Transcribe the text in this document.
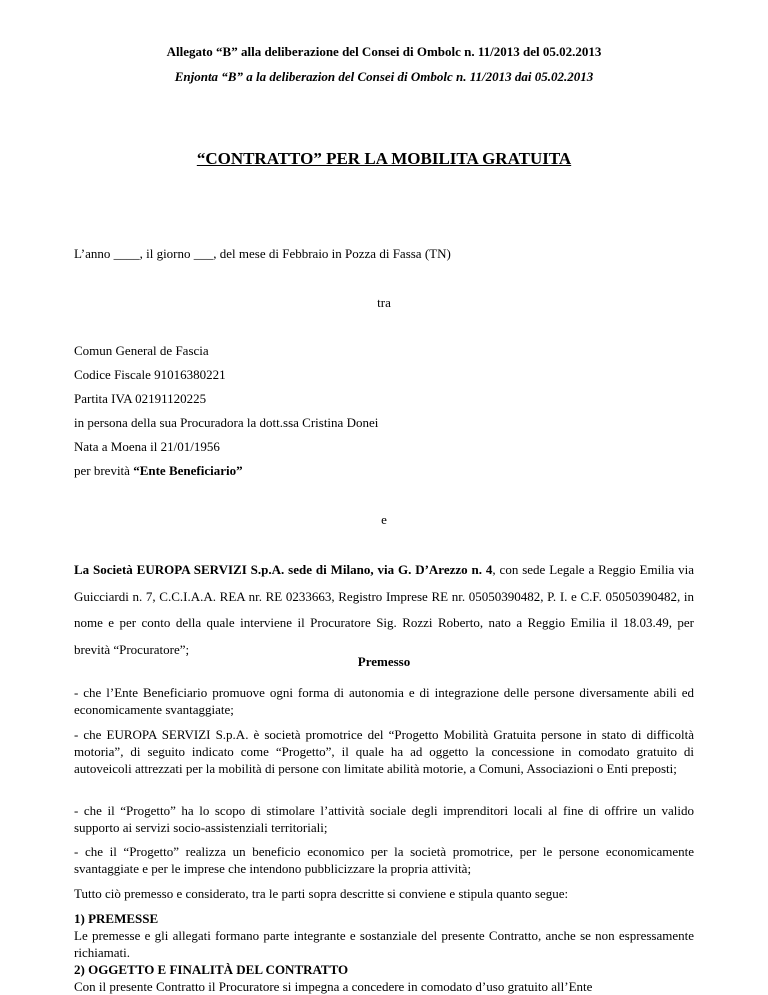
Allegato “B” alla deliberazione del Consei di Ombolc n. 11/2013 del 05.02.2013
Enjonta “B” a la deliberazion del Consei di Ombolc n. 11/2013 dai 05.02.2013
“CONTRATTO” PER LA MOBILITA GRATUITA
L’anno ____, il giorno ___, del mese di Febbraio in Pozza di Fassa (TN)
tra
Comun General de Fascia
Codice Fiscale 91016380221
Partita IVA 02191120225
in persona della sua Procuradora la dott.ssa Cristina Donei
Nata a Moena il 21/01/1956
per brevità “Ente Beneficiario”
e
La Società EUROPA SERVIZI S.p.A. sede di Milano, via G. D’Arezzo n. 4, con sede Legale a Reggio Emilia via Guicciardi n. 7, C.C.I.A.A. REA nr. RE 0233663, Registro Imprese RE nr. 05050390482, P. I. e C.F. 05050390482, in nome e per conto della quale interviene il Procuratore Sig. Rozzi Roberto, nato a Reggio Emilia il 18.03.49, per brevità “Procuratore”;
Premesso
- che l’Ente Beneficiario promuove ogni forma di autonomia e di integrazione delle persone diversamente abili ed economicamente svantaggiate;
- che EUROPA SERVIZI S.p.A. è società promotrice del “Progetto Mobilità Gratuita persone in stato di difficoltà motoria”, di seguito indicato come “Progetto”, il quale ha ad oggetto la concessione in comodato gratuito di autoveicoli attrezzati per la mobilità di persone con limitate abilità motorie, a Comuni, Associazioni o Enti preposti;
- che il “Progetto” ha lo scopo di stimolare l’attività sociale degli imprenditori locali al fine di offrire un valido supporto ai servizi socio-assistenziali territoriali;
- che il “Progetto” realizza un beneficio economico per la società promotrice, per le persone economicamente svantaggiate e per le imprese che intendono pubblicizzare la propria attività;
Tutto ciò premesso e considerato, tra le parti sopra descritte si conviene e stipula quanto segue:
1) PREMESSE
Le premesse e gli allegati formano parte integrante e sostanziale del presente Contratto, anche se non espressamente richiamati.
2) OGGETTO E FINALITÀ DEL CONTRATTO
Con il presente Contratto il Procuratore si impegna a concedere in comodato d’uso gratuito all’Ente
